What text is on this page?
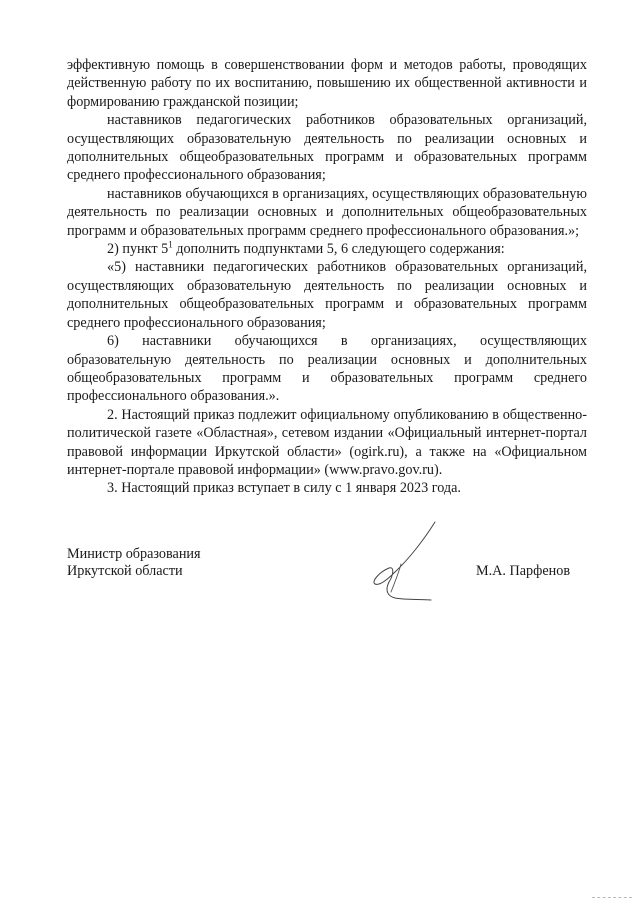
эффективную помощь в совершенствовании форм и методов работы, проводящих действенную работу по их воспитанию, повышению их общественной активности и формированию гражданской позиции;

наставников педагогических работников образовательных организаций, осуществляющих образовательную деятельность по реализации основных и дополнительных общеобразовательных программ и образовательных программ среднего профессионального образования;

наставников обучающихся в организациях, осуществляющих образовательную деятельность по реализации основных и дополнительных общеобразовательных программ и образовательных программ среднего профессионального образования.»;

2) пункт $5^1$ дополнить подпунктами 5, 6 следующего содержания:

«5) наставники педагогических работников образовательных организаций, осуществляющих образовательную деятельность по реализации основных и дополнительных общеобразовательных программ и образовательных программ среднего профессионального образования;

6) наставники обучающихся в организациях, осуществляющих образовательную деятельность по реализации основных и дополнительных общеобразовательных программ и образовательных программ среднего профессионального образования.».

2. Настоящий приказ подлежит официальному опубликованию в общественно-политической газете «Областная», сетевом издании «Официальный интернет-портал правовой информации Иркутской области» (ogirk.ru), а также на «Официальном интернет-портале правовой информации» (www.pravo.gov.ru).

3. Настоящий приказ вступает в силу с 1 января 2023 года.

Министр образования
Иркутской области	М.А. Парфенов
